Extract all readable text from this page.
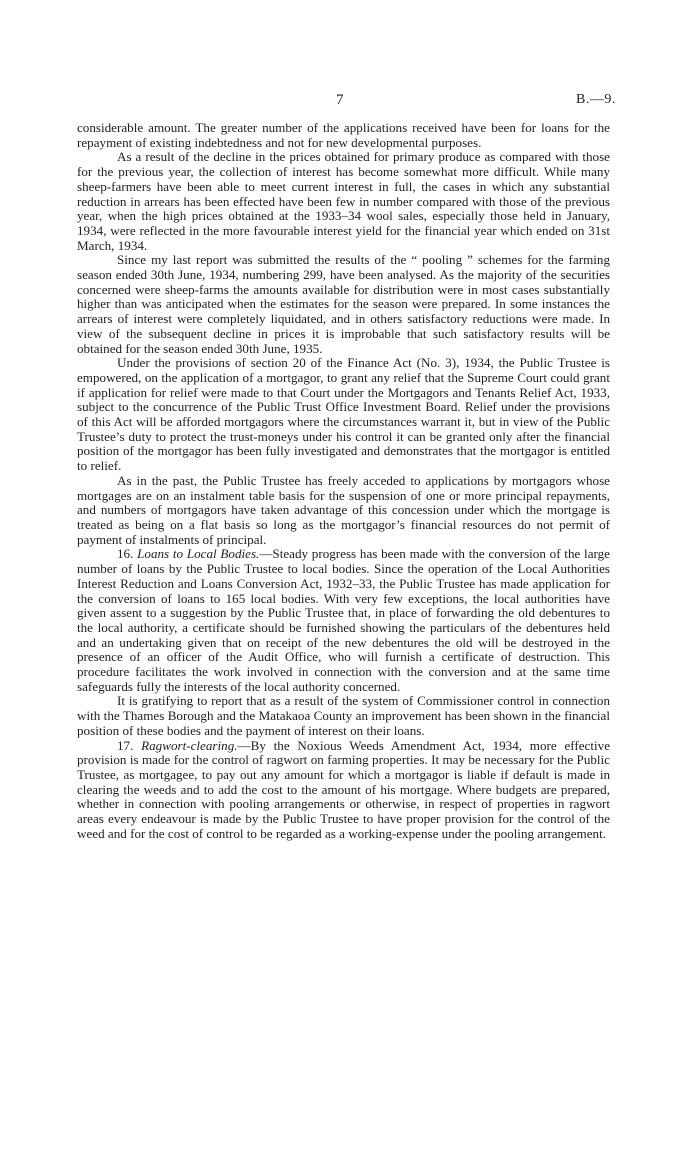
7	B.—9.

considerable amount. The greater number of the applications received have been for loans for the repayment of existing indebtedness and not for new developmental purposes.

As a result of the decline in the prices obtained for primary produce as compared with those for the previous year, the collection of interest has become somewhat more difficult. While many sheep-farmers have been able to meet current interest in full, the cases in which any substantial reduction in arrears has been effected have been few in number compared with those of the previous year, when the high prices obtained at the 1933–34 wool sales, especially those held in January, 1934, were reflected in the more favourable interest yield for the financial year which ended on 31st March, 1934.

Since my last report was submitted the results of the “ pooling ” schemes for the farming season ended 30th June, 1934, numbering 299, have been analysed. As the majority of the securities concerned were sheep-farms the amounts available for distribution were in most cases substantially higher than was anticipated when the estimates for the season were prepared. In some instances the arrears of interest were completely liquidated, and in others satisfactory reductions were made. In view of the subsequent decline in prices it is improbable that such satisfactory results will be obtained for the season ended 30th June, 1935.

Under the provisions of section 20 of the Finance Act (No. 3), 1934, the Public Trustee is empowered, on the application of a mortgagor, to grant any relief that the Supreme Court could grant if application for relief were made to that Court under the Mortgagors and Tenants Relief Act, 1933, subject to the concurrence of the Public Trust Office Investment Board. Relief under the provisions of this Act will be afforded mortgagors where the circumstances warrant it, but in view of the Public Trustee’s duty to protect the trust-moneys under his control it can be granted only after the financial position of the mortgagor has been fully investigated and demonstrates that the mortgagor is entitled to relief.

As in the past, the Public Trustee has freely acceded to applications by mortgagors whose mortgages are on an instalment table basis for the suspension of one or more principal repayments, and numbers of mortgagors have taken advantage of this concession under which the mortgage is treated as being on a flat basis so long as the mortgagor’s financial resources do not permit of payment of instalments of principal.

16. Loans to Local Bodies.—Steady progress has been made with the conversion of the large number of loans by the Public Trustee to local bodies. Since the operation of the Local Authorities Interest Reduction and Loans Conversion Act, 1932–33, the Public Trustee has made application for the conversion of loans to 165 local bodies. With very few exceptions, the local authorities have given assent to a suggestion by the Public Trustee that, in place of forwarding the old debentures to the local authority, a certificate should be furnished showing the particulars of the debentures held and an undertaking given that on receipt of the new debentures the old will be destroyed in the presence of an officer of the Audit Office, who will furnish a certificate of destruction. This procedure facilitates the work involved in connection with the conversion and at the same time safeguards fully the interests of the local authority concerned.

It is gratifying to report that as a result of the system of Commissioner control in connection with the Thames Borough and the Matakaoa County an improvement has been shown in the financial position of these bodies and the payment of interest on their loans.

17. Ragwort-clearing.—By the Noxious Weeds Amendment Act, 1934, more effective provision is made for the control of ragwort on farming properties. It may be necessary for the Public Trustee, as mortgagee, to pay out any amount for which a mortgagor is liable if default is made in clearing the weeds and to add the cost to the amount of his mortgage. Where budgets are prepared, whether in connection with pooling arrangements or otherwise, in respect of properties in ragwort areas every endeavour is made by the Public Trustee to have proper provision for the control of the weed and for the cost of control to be regarded as a working-expense under the pooling arrangement.
